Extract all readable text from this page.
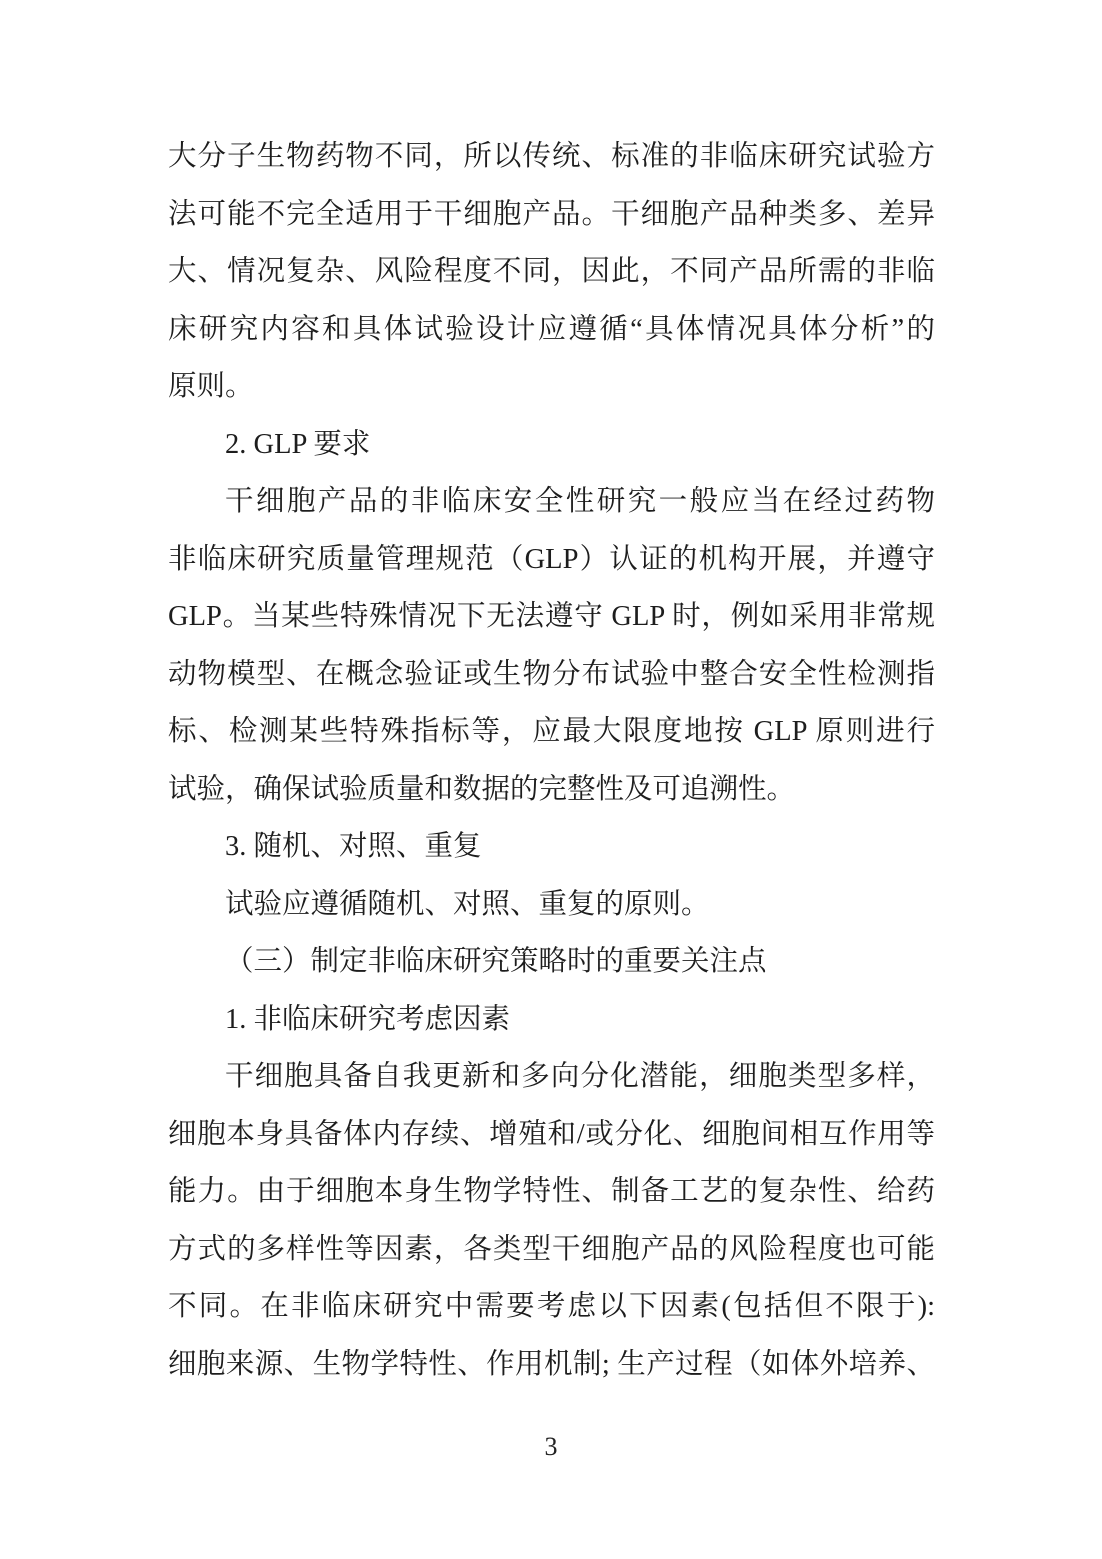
大分子生物药物不同，所以传统、标准的非临床研究试验方
法可能不完全适用于干细胞产品。干细胞产品种类多、差异
大、情况复杂、风险程度不同，因此，不同产品所需的非临
床研究内容和具体试验设计应遵循“具体情况具体分析”的
原则。
2. GLP 要求
干细胞产品的非临床安全性研究一般应当在经过药物
非临床研究质量管理规范（GLP）认证的机构开展，并遵守
GLP。当某些特殊情况下无法遵守 GLP 时，例如采用非常规
动物模型、在概念验证或生物分布试验中整合安全性检测指
标、检测某些特殊指标等，应最大限度地按 GLP 原则进行
试验，确保试验质量和数据的完整性及可追溯性。
3. 随机、对照、重复
试验应遵循随机、对照、重复的原则。
（三）制定非临床研究策略时的重要关注点
1. 非临床研究考虑因素
干细胞具备自我更新和多向分化潜能，细胞类型多样，
细胞本身具备体内存续、增殖和/或分化、细胞间相互作用等
能力。由于细胞本身生物学特性、制备工艺的复杂性、给药
方式的多样性等因素，各类型干细胞产品的风险程度也可能
不同。在非临床研究中需要考虑以下因素(包括但不限于):
细胞来源、生物学特性、作用机制; 生产过程（如体外培养、
3
